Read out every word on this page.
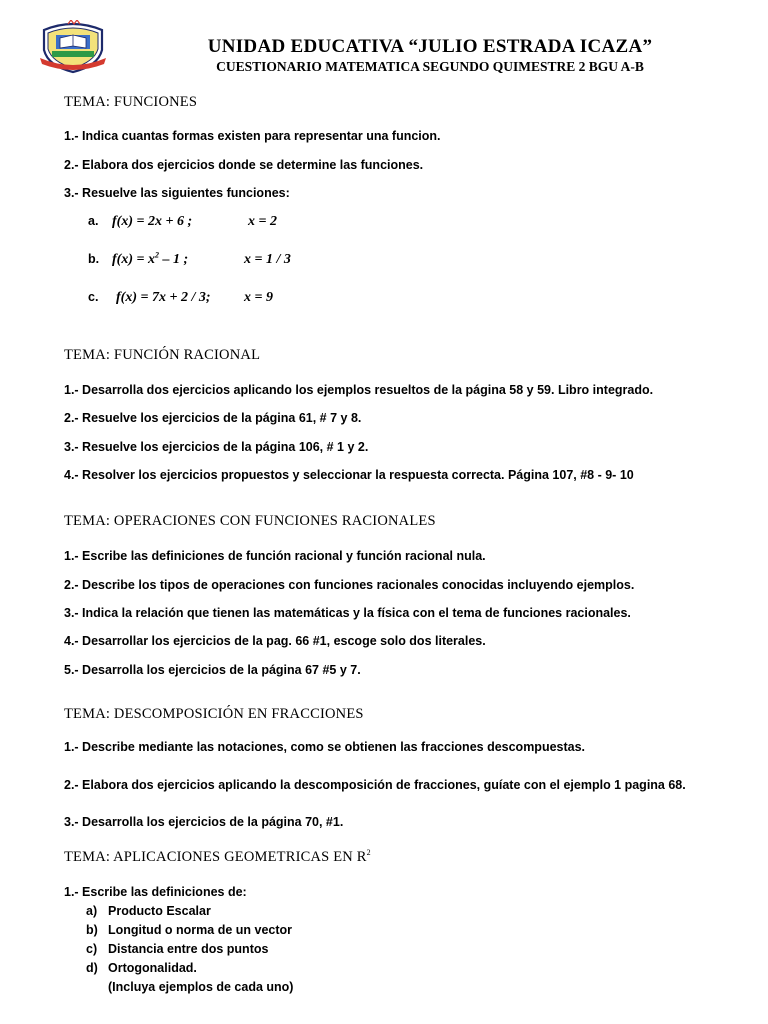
UNIDAD EDUCATIVA “JULIO ESTRADA ICAZA”
CUESTIONARIO MATEMATICA SEGUNDO QUIMESTRE 2 BGU A-B
TEMA: FUNCIONES
1.- Indica cuantas formas existen para representar una funcion.
2.- Elabora dos ejercicios donde se determine las funciones.
3.- Resuelve las siguientes funciones:
a. f(x) = 2x + 6 ;	x = 2
b. $f(x) = x^2 - 1$ ;	x = 1 / 3
c. f(x) = 7x + 2 / 3; x = 9
TEMA: FUNCIÓN RACIONAL
1.- Desarrolla dos ejercicios aplicando los ejemplos resueltos de la página 58 y 59. Libro integrado.
2.- Resuelve los ejercicios de la página 61, # 7 y 8.
3.- Resuelve los ejercicios de la página 106, # 1 y 2.
4.- Resolver los ejercicios propuestos y seleccionar la respuesta correcta. Página 107, #8 - 9- 10
TEMA: OPERACIONES CON FUNCIONES RACIONALES
1.- Escribe las definiciones de función racional y función racional nula.
2.- Describe los tipos de operaciones con funciones racionales conocidas incluyendo ejemplos.
3.- Indica la relación que tienen las matemáticas y la física con el tema de funciones racionales.
4.- Desarrollar los ejercicios de la pag. 66 #1, escoge solo dos literales.
5.- Desarrolla los ejercicios de la página 67 #5 y 7.
TEMA: DESCOMPOSICIÓN EN FRACCIONES
1.- Describe mediante las notaciones, como se obtienen las fracciones descompuestas.
2.- Elabora dos ejercicios aplicando la descomposición de fracciones, guíate con el ejemplo 1 pagina 68.
3.- Desarrolla los ejercicios de la página 70, #1.
TEMA: APLICACIONES GEOMETRICAS EN $R^2$
1.- Escribe las definiciones de:
a) Producto Escalar
b) Longitud o norma de un vector
c) Distancia entre dos puntos
d) Ortogonalidad.
(Incluya ejemplos de cada uno)
